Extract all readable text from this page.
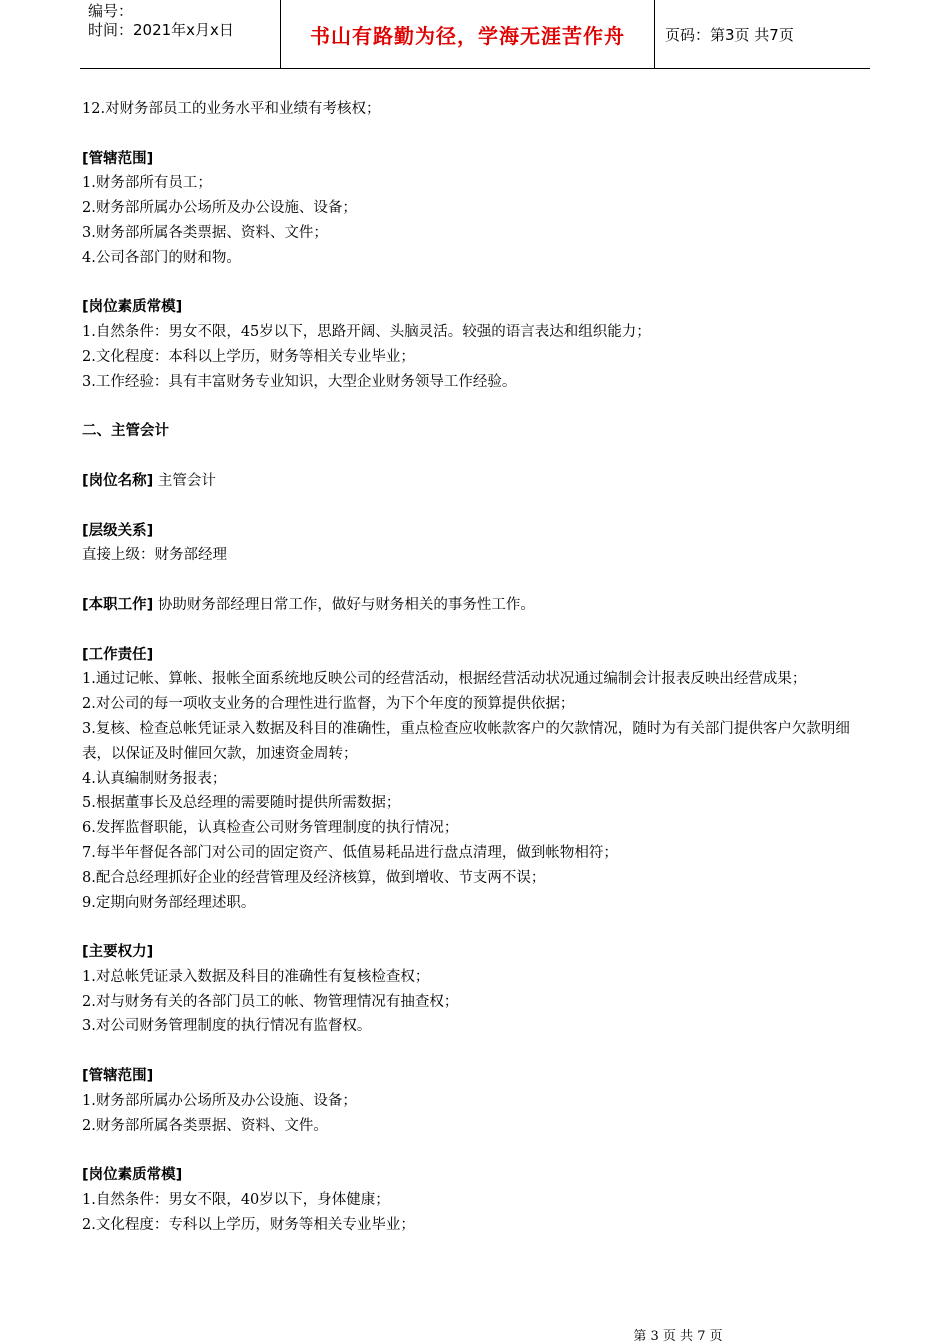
编号：
时间：2021年x月x日	书山有路勤为径，学海无涯苦作舟	页码：第3页 共7页
12.对财务部员工的业务水平和业绩有考核权；
[管辖范围]
1.财务部所有员工；
2.财务部所属办公场所及办公设施、设备；
3.财务部所属各类票据、资料、文件；
4.公司各部门的财和物。
[岗位素质常模]
1.自然条件：男女不限，45岁以下，思路开阔、头脑灵活。较强的语言表达和组织能力；
2.文化程度：本科以上学历，财务等相关专业毕业；
3.工作经验：具有丰富财务专业知识，大型企业财务领导工作经验。
二、主管会计
[岗位名称] 主管会计
[层级关系]
直接上级：财务部经理
[本职工作] 协助财务部经理日常工作，做好与财务相关的事务性工作。
[工作责任]
1.通过记帐、算帐、报帐全面系统地反映公司的经营活动，根据经营活动状况通过编制会计报表反映出经营成果；
2.对公司的每一项收支业务的合理性进行监督，为下个年度的预算提供依据；
3.复核、检查总帐凭证录入数据及科目的准确性，重点检查应收帐款客户的欠款情况，随时为有关部门提供客户欠款明细表，以保证及时催回欠款，加速资金周转；
4.认真编制财务报表；
5.根据董事长及总经理的需要随时提供所需数据；
6.发挥监督职能，认真检查公司财务管理制度的执行情况；
7.每半年督促各部门对公司的固定资产、低值易耗品进行盘点清理，做到帐物相符；
8.配合总经理抓好企业的经营管理及经济核算，做到增收、节支两不误；
9.定期向财务部经理述职。
[主要权力]
1.对总帐凭证录入数据及科目的准确性有复核检查权；
2.对与财务有关的各部门员工的帐、物管理情况有抽查权；
3.对公司财务管理制度的执行情况有监督权。
[管辖范围]
1.财务部所属办公场所及办公设施、设备；
2.财务部所属各类票据、资料、文件。
[岗位素质常模]
1.自然条件：男女不限，40岁以下，身体健康；
2.文化程度：专科以上学历，财务等相关专业毕业；
第 3 页 共 7 页
